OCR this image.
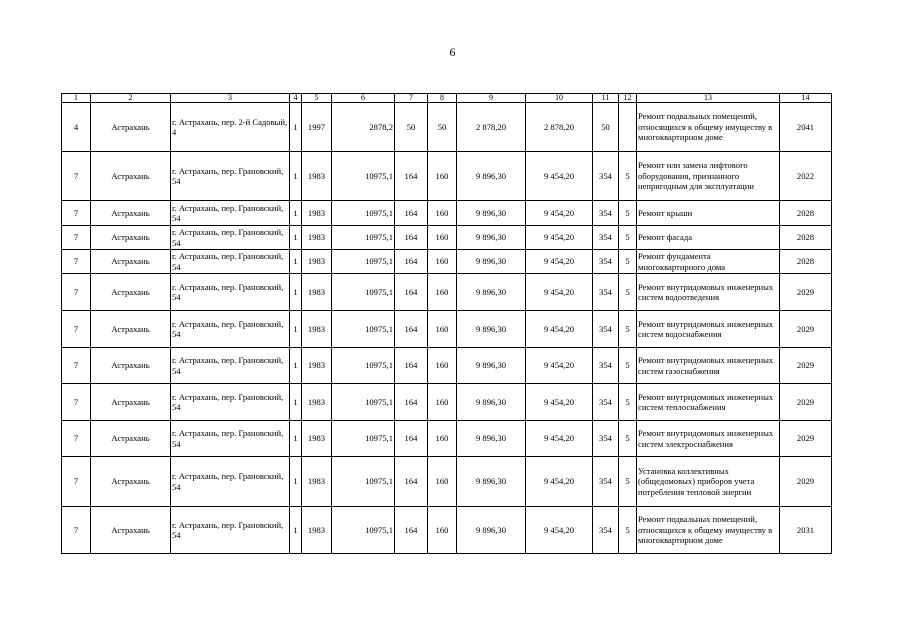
6
1	2	3	4	5	6	7	8	9	10	11	12	13	14
4	Астрахань	г. Астрахань, пер. 2-й Садовый, 4	1	1997	2878,2	50	50	2 878,20	2 878,20	50		Ремонт подвальных помещений, относящихся к общему имуществу в многоквартирном доме	2041
7	Астрахань	г. Астрахань, пер. Грановский, 54	1	1983	10975,1	164	160	9 896,30	9 454,20	354	5	Ремонт или замена лифтового оборудования, признанного непригодным для эксплуатации	2022
7	Астрахань	г. Астрахань, пер. Грановский, 54	1	1983	10975,1	164	160	9 896,30	9 454,20	354	5	Ремонт крыши	2028
7	Астрахань	г. Астрахань, пер. Грановский, 54	1	1983	10975,1	164	160	9 896,30	9 454,20	354	5	Ремонт фасада	2028
7	Астрахань	г. Астрахань, пер. Грановский, 54	1	1983	10975,1	164	160	9 896,30	9 454,20	354	5	Ремонт фундамента многоквартирного дома	2028
7	Астрахань	г. Астрахань, пер. Грановский, 54	1	1983	10975,1	164	160	9 896,30	9 454,20	354	5	Ремонт внутридомовых инженерных систем водоотведения	2029
7	Астрахань	г. Астрахань, пер. Грановский, 54	1	1983	10975,1	164	160	9 896,30	9 454,20	354	5	Ремонт внутридомовых инженерных систем водоснабжения	2029
7	Астрахань	г. Астрахань, пер. Грановский, 54	1	1983	10975,1	164	160	9 896,30	9 454,20	354	5	Ремонт внутридомовых инженерных систем газоснабжения	2029
7	Астрахань	г. Астрахань, пер. Грановский, 54	1	1983	10975,1	164	160	9 896,30	9 454,20	354	5	Ремонт внутридомовых инженерных систем теплоснабжения	2029
7	Астрахань	г. Астрахань, пер. Грановский, 54	1	1983	10975,1	164	160	9 896,30	9 454,20	354	5	Ремонт внутридомовых инженерных систем электроснабжения	2029
7	Астрахань	г. Астрахань, пер. Грановский, 54	1	1983	10975,1	164	160	9 896,30	9 454,20	354	5	Установка коллективных (общедомовых) приборов учета потребления тепловой энергии	2029
7	Астрахань	г. Астрахань, пер. Грановский, 54	1	1983	10975,1	164	160	9 896,30	9 454,20	354	5	Ремонт подвальных помещений, относящихся к общему имуществу в многоквартирном доме	2031
